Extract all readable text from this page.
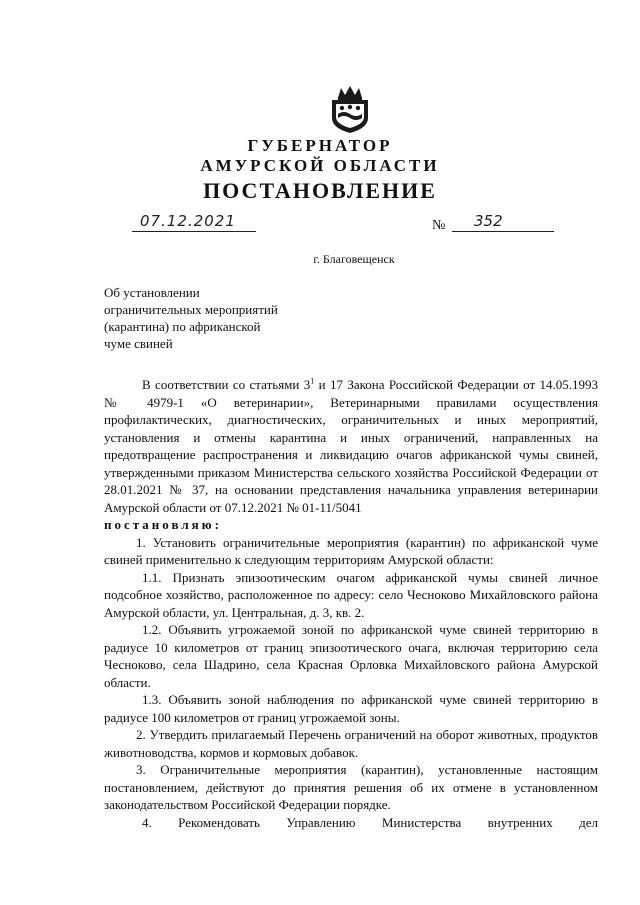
ГУБЕРНАТОР
АМУРСКОЙ ОБЛАСТИ
ПОСТАНОВЛЕНИЕ
07.12.2021	№ 352
г. Благовещенск
Об установлении
ограничительных мероприятий
(карантина) по африканской
чуме свиней

В соответствии со статьями $3^1$ и 17 Закона Российской Федерации от 14.05.1993 № 4979-1 «О ветеринарии», Ветеринарными правилами осуществления профилактических, диагностических, ограничительных и иных мероприятий, установления и отмены карантина и иных ограничений, направленных на предотвращение распространения и ликвидацию очагов африканской чумы свиней, утвержденными приказом Министерства сельского хозяйства Российской Федерации от 28.01.2021 № 37, на основании представления начальника управления ветеринарии Амурской области от 07.12.2021 № 01-11/5041

постановляю:

1. Установить ограничительные мероприятия (карантин) по африканской чуме свиней применительно к следующим территориям Амурской области:

1.1. Признать эпизоотическим очагом африканской чумы свиней личное подсобное хозяйство, расположенное по адресу: село Чесноково Михайловского района Амурской области, ул. Центральная, д. 3, кв. 2.

1.2. Объявить угрожаемой зоной по африканской чуме свиней территорию в радиусе 10 километров от границ эпизоотического очага, включая территорию села Чесноково, села Шадрино, села Красная Орловка Михайловского района Амурской области.

1.3. Объявить зоной наблюдения по африканской чуме свиней территорию в радиусе 100 километров от границ угрожаемой зоны.

2. Утвердить прилагаемый Перечень ограничений на оборот животных, продуктов животноводства, кормов и кормовых добавок.

3. Ограничительные мероприятия (карантин), установленные настоящим постановлением, действуют до принятия решения об их отмене в установленном законодательством Российской Федерации порядке.

4. Рекомендовать Управлению Министерства внутренних дел
